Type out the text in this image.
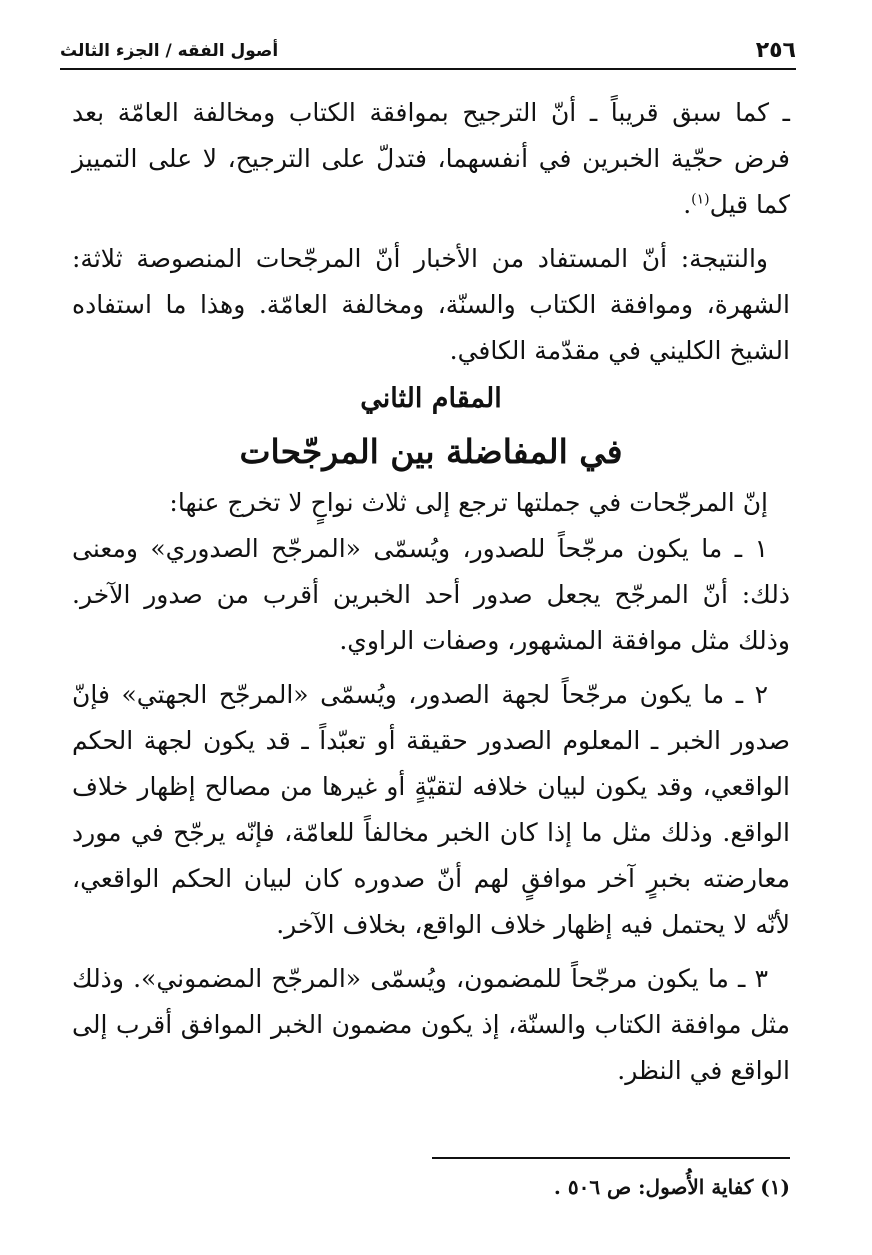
٢٥٦
أصول الفقه / الجزء الثالث

ـ كما سبق قريباً ـ أنّ الترجيح بموافقة الكتاب ومخالفة العامّة بعد فرض حجّية الخبرين في أنفسهما، فتدلّ على الترجيح، لا على التمييز كما قيل$^{(١)}$.

والنتيجة: أنّ المستفاد من الأخبار أنّ المرجّحات المنصوصة ثلاثة: الشهرة، وموافقة الكتاب والسنّة، ومخالفة العامّة. وهذا ما استفاده الشيخ الكليني في مقدّمة الكافي.

المقام الثاني

في المفاضلة بين المرجّحات

إنّ المرجّحات في جملتها ترجع إلى ثلاث نواحٍ لا تخرج عنها:

١ ـ ما يكون مرجّحاً للصدور، ويُسمّى «المرجّح الصدوري» ومعنى ذلك: أنّ المرجّح يجعل صدور أحد الخبرين أقرب من صدور الآخر. وذلك مثل موافقة المشهور، وصفات الراوي.

٢ ـ ما يكون مرجّحاً لجهة الصدور، ويُسمّى «المرجّح الجهتي» فإنّ صدور الخبر ـ المعلوم الصدور حقيقة أو تعبّداً ـ قد يكون لجهة الحكم الواقعي، وقد يكون لبيان خلافه لتقيّةٍ أو غيرها من مصالح إظهار خلاف الواقع. وذلك مثل ما إذا كان الخبر مخالفاً للعامّة، فإنّه يرجّح في مورد معارضته بخبرٍ آخر موافقٍ لهم أنّ صدوره كان لبيان الحكم الواقعي، لأنّه لا يحتمل فيه إظهار خلاف الواقع، بخلاف الآخر.

٣ ـ ما يكون مرجّحاً للمضمون، ويُسمّى «المرجّح المضموني». وذلك مثل موافقة الكتاب والسنّة، إذ يكون مضمون الخبر الموافق أقرب إلى الواقع في النظر.

(١) كفاية الأُصول: ص ٥٠٦ .
